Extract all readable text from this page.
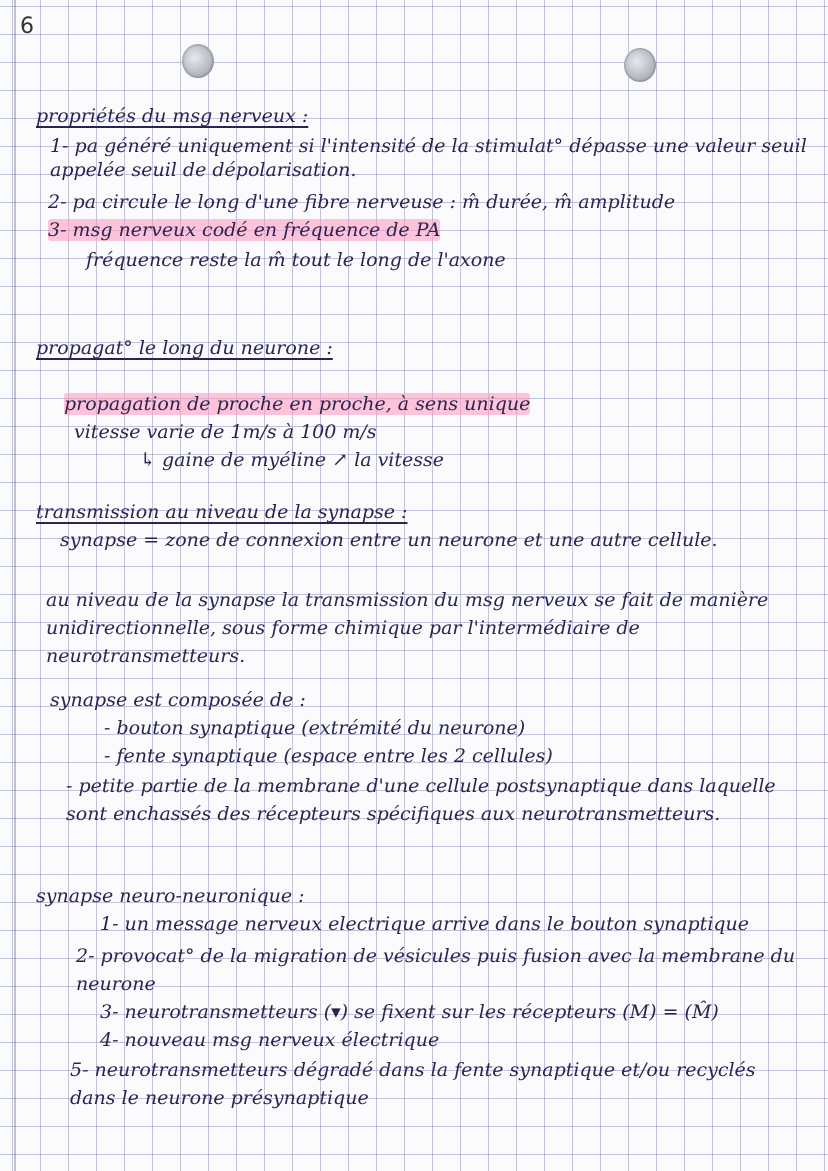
6
propriétés du msg nerveux :
1- pa généré uniquement si l'intensité de la stimulat° dépasse une valeur seuil appelée seuil de dépolarisation.
2- pa circule le long d'une fibre nerveuse : m̂ durée, m̂ amplitude
3- msg nerveux codé en fréquence de PA
fréquence reste la m̂ tout le long de l'axone
propagat° le long du neurone :
propagation de proche en proche, à sens unique
vitesse varie de 1m/s à 100 m/s
↳ gaine de myéline ↗ la vitesse
transmission au niveau de la synapse :
synapse = zone de connexion entre un neurone et une autre cellule.
au niveau de la synapse la transmission du msg nerveux se fait de manière unidirectionnelle, sous forme chimique par l'intermédiaire de neurotransmetteurs.
synapse est composée de :
- bouton synaptique (extrémité du neurone)
- fente synaptique (espace entre les 2 cellules)
- petite partie de la membrane d'une cellule postsynaptique dans laquelle sont enchassés des récepteurs spécifiques aux neurotransmetteurs.
synapse neuro-neuronique :
1- un message nerveux electrique arrive dans le bouton synaptique
2- provocat° de la migration de vésicules puis fusion avec la membrane du neurone
3- neurotransmetteurs (▾) se fixent sur les récepteurs (M) = (M̂)
4- nouveau msg nerveux électrique
5- neurotransmetteurs dégradé dans la fente synaptique et/ou recyclés dans le neurone présynaptique
